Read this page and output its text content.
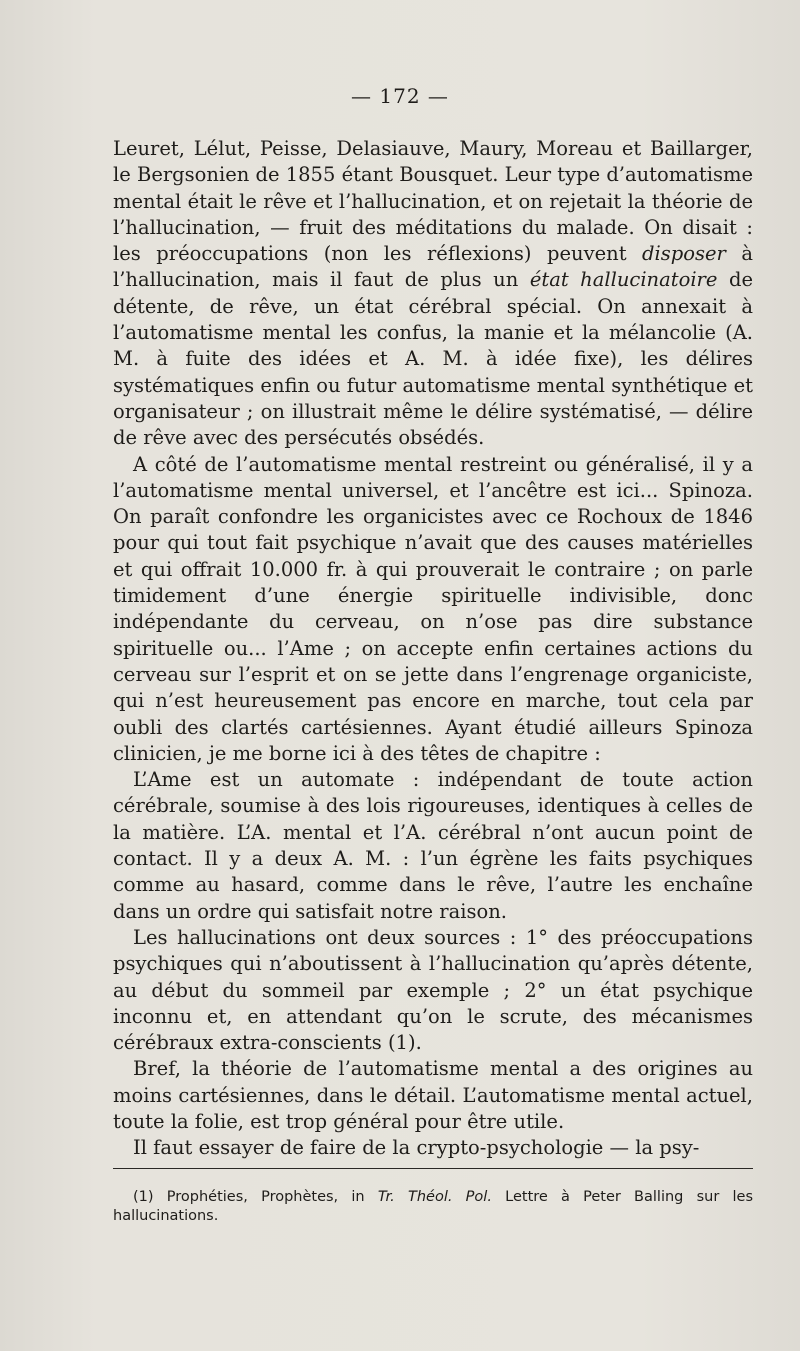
— 172 —

Leuret, Lélut, Peisse, Delasiauve, Maury, Moreau et Baillarger, le Bergsonien de 1855 étant Bousquet. Leur type d’automatisme mental était le rêve et l’hallucination, et on rejetait la théorie de l’hallucination, — fruit des méditations du malade. On disait : les préoccupations (non les réflexions) peuvent disposer à l’hallucination, mais il faut de plus un état hallucinatoire de détente, de rêve, un état cérébral spécial. On annexait à l’automatisme mental les confus, la manie et la mélancolie (A. M. à fuite des idées et A. M. à idée fixe), les délires systématiques enfin ou futur automatisme mental synthétique et organisateur ; on illustrait même le délire systématisé, — délire de rêve avec des persécutés obsédés.

A côté de l’automatisme mental restreint ou généralisé, il y a l’automatisme mental universel, et l’ancêtre est ici... Spinoza. On paraît confondre les organicistes avec ce Rochoux de 1846 pour qui tout fait psychique n’avait que des causes matérielles et qui offrait 10.000 fr. à qui prouverait le contraire ; on parle timidement d’une énergie spirituelle indivisible, donc indépendante du cerveau, on n’ose pas dire substance spirituelle ou... l’Ame ; on accepte enfin certaines actions du cerveau sur l’esprit et on se jette dans l’engrenage organiciste, qui n’est heureusement pas encore en marche, tout cela par oubli des clartés cartésiennes. Ayant étudié ailleurs Spinoza clinicien, je me borne ici à des têtes de chapitre :

L’Ame est un automate : indépendant de toute action cérébrale, soumise à des lois rigoureuses, identiques à celles de la matière. L’A. mental et l’A. cérébral n’ont aucun point de contact. Il y a deux A. M. : l’un égrène les faits psychiques comme au hasard, comme dans le rêve, l’autre les enchaîne dans un ordre qui satisfait notre raison.

Les hallucinations ont deux sources : 1° des préoccupations psychiques qui n’aboutissent à l’hallucination qu’après détente, au début du sommeil par exemple ; 2° un état psychique inconnu et, en attendant qu’on le scrute, des mécanismes cérébraux extra-conscients (1).

Bref, la théorie de l’automatisme mental a des origines au moins cartésiennes, dans le détail. L’automatisme mental actuel, toute la folie, est trop général pour être utile.

Il faut essayer de faire de la crypto-psychologie — la psy-

(1) Prophéties, Prophètes, in Tr. Théol. Pol. Lettre à Peter Balling sur les hallucinations.
